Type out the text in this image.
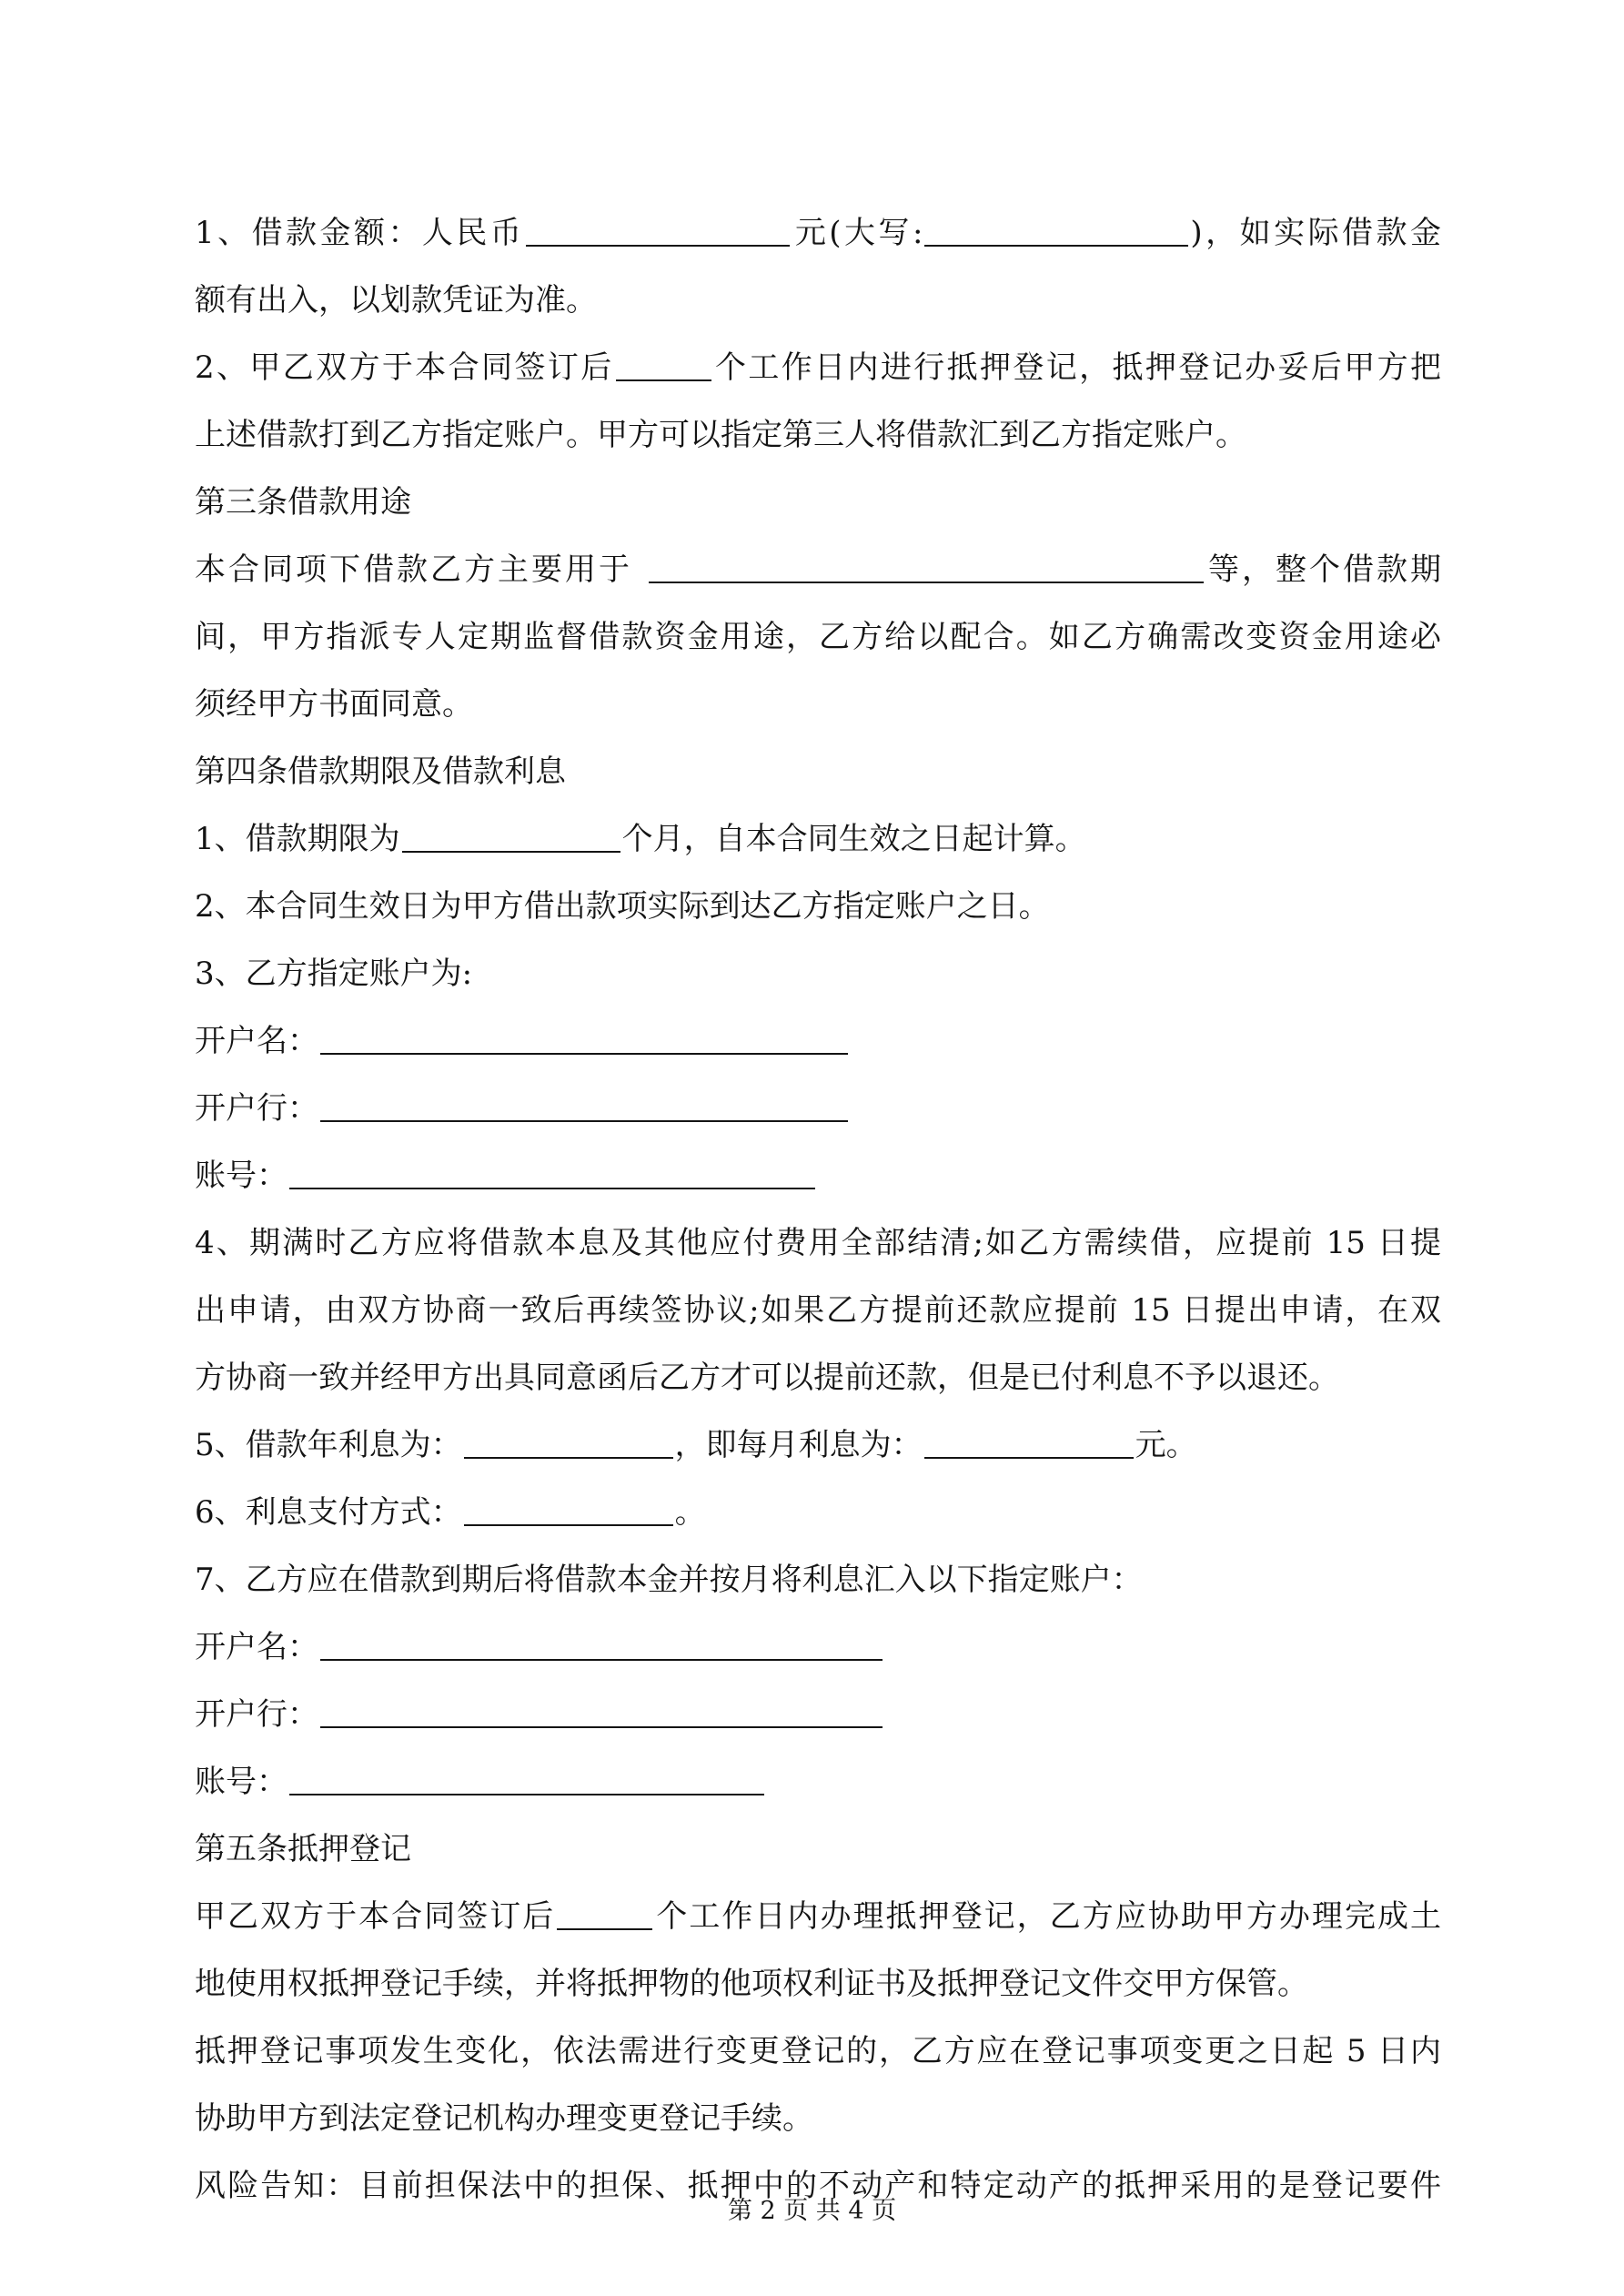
1、借款金额：人民币	元(大写:	)，如实际借款金
额有出入，以划款凭证为准。
2、甲乙双方于本合同签订后	个工作日内进行抵押登记，抵押登记办妥后甲方把
上述借款打到乙方指定账户。甲方可以指定第三人将借款汇到乙方指定账户。
第三条借款用途
本合同项下借款乙方主要用于	等，整个借款期
间，甲方指派专人定期监督借款资金用途，乙方给以配合。如乙方确需改变资金用途必
须经甲方书面同意。
第四条借款期限及借款利息
1、借款期限为	个月，自本合同生效之日起计算。
2、本合同生效日为甲方借出款项实际到达乙方指定账户之日。
3、乙方指定账户为:
开户名：
开户行：
账号：
4、期满时乙方应将借款本息及其他应付费用全部结清;如乙方需续借，应提前 15 日提
出申请，由双方协商一致后再续签协议;如果乙方提前还款应提前 15 日提出申请，在双
方协商一致并经甲方出具同意函后乙方才可以提前还款，但是已付利息不予以退还。
5、借款年利息为：	，即每月利息为：	元。
6、利息支付方式：	。
7、乙方应在借款到期后将借款本金并按月将利息汇入以下指定账户：
开户名：
开户行：
账号：
第五条抵押登记
甲乙双方于本合同签订后	个工作日内办理抵押登记，乙方应协助甲方办理完成土
地使用权抵押登记手续，并将抵押物的他项权利证书及抵押登记文件交甲方保管。
抵押登记事项发生变化，依法需进行变更登记的，乙方应在登记事项变更之日起 5 日内
协助甲方到法定登记机构办理变更登记手续。
风险告知：目前担保法中的担保、抵押中的不动产和特定动产的抵押采用的是登记要件
第 2 页 共 4 页
